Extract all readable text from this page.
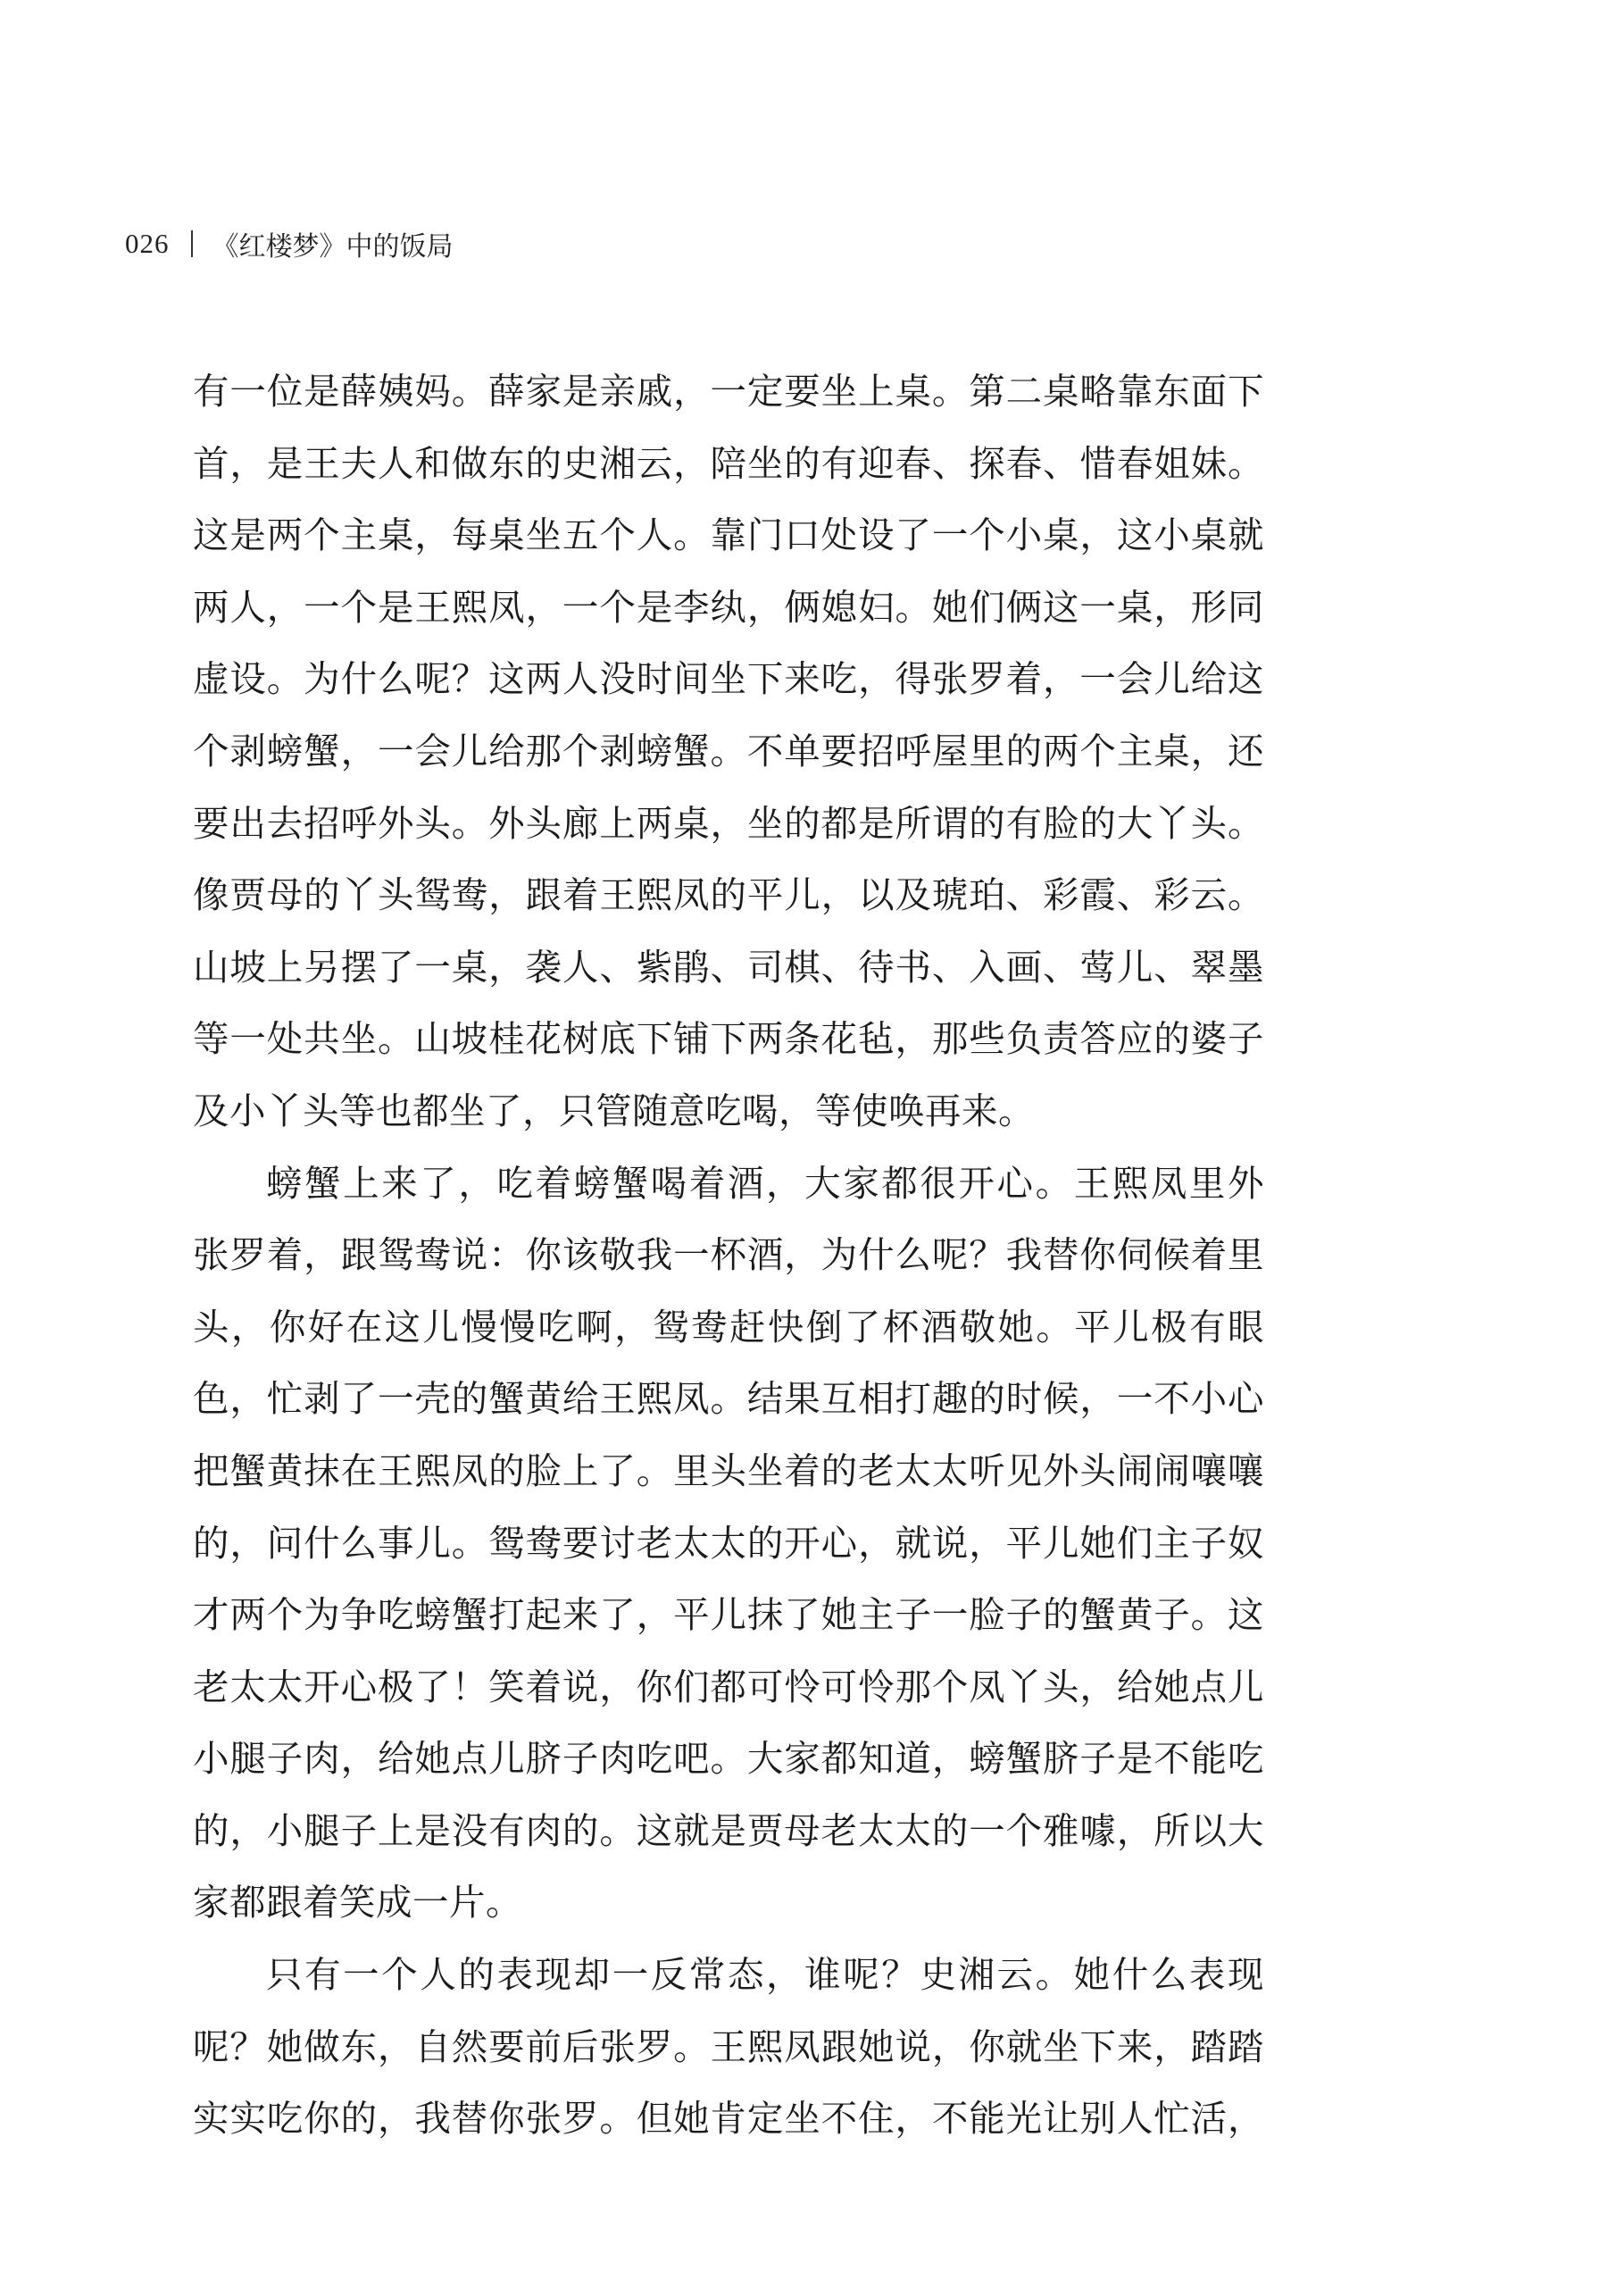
026 《红楼梦》中的饭局
有一位是薛姨妈。薛家是亲戚，一定要坐上桌。第二桌略靠东面下
首，是王夫人和做东的史湘云，陪坐的有迎春、探春、惜春姐妹。
这是两个主桌，每桌坐五个人。靠门口处设了一个小桌，这小桌就
两人，一个是王熙凤，一个是李纨，俩媳妇。她们俩这一桌，形同
虚设。为什么呢？这两人没时间坐下来吃，得张罗着，一会儿给这
个剥螃蟹，一会儿给那个剥螃蟹。不单要招呼屋里的两个主桌，还
要出去招呼外头。外头廊上两桌，坐的都是所谓的有脸的大丫头。
像贾母的丫头鸳鸯，跟着王熙凤的平儿，以及琥珀、彩霞、彩云。
山坡上另摆了一桌，袭人、紫鹃、司棋、待书、入画、莺儿、翠墨
等一处共坐。山坡桂花树底下铺下两条花毡，那些负责答应的婆子
及小丫头等也都坐了，只管随意吃喝，等使唤再来。
螃蟹上来了，吃着螃蟹喝着酒，大家都很开心。王熙凤里外
张罗着，跟鸳鸯说：你该敬我一杯酒，为什么呢？我替你伺候着里
头，你好在这儿慢慢吃啊，鸳鸯赶快倒了杯酒敬她。平儿极有眼
色，忙剥了一壳的蟹黄给王熙凤。结果互相打趣的时候，一不小心
把蟹黄抹在王熙凤的脸上了。里头坐着的老太太听见外头闹闹嚷嚷
的，问什么事儿。鸳鸯要讨老太太的开心，就说，平儿她们主子奴
才两个为争吃螃蟹打起来了，平儿抹了她主子一脸子的蟹黄子。这
老太太开心极了！笑着说，你们都可怜可怜那个凤丫头，给她点儿
小腿子肉，给她点儿脐子肉吃吧。大家都知道，螃蟹脐子是不能吃
的，小腿子上是没有肉的。这就是贾母老太太的一个雅噱，所以大
家都跟着笑成一片。
只有一个人的表现却一反常态，谁呢？史湘云。她什么表现
呢？她做东，自然要前后张罗。王熙凤跟她说，你就坐下来，踏踏
实实吃你的，我替你张罗。但她肯定坐不住，不能光让别人忙活，
